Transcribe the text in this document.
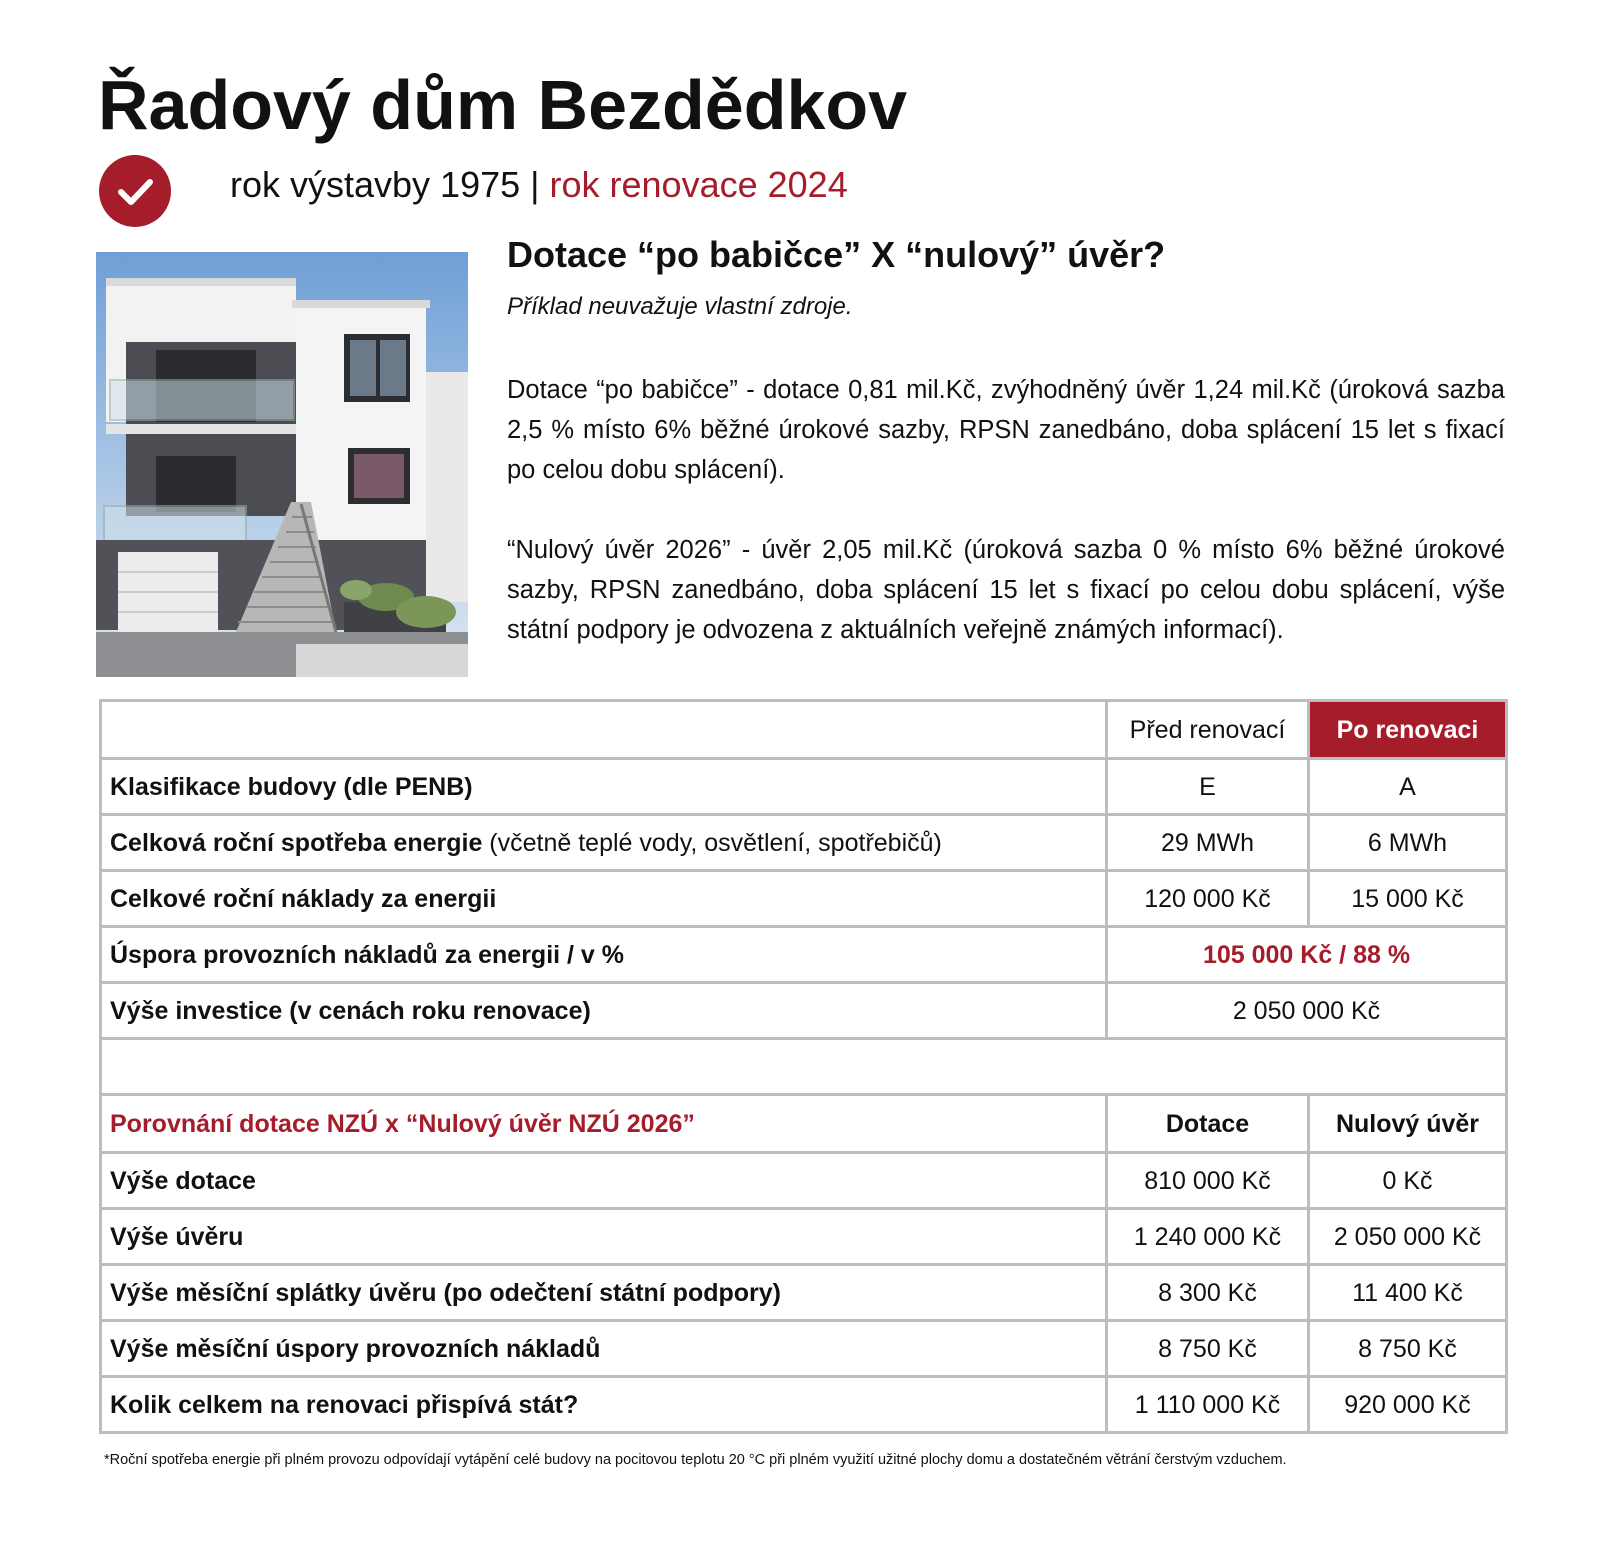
Řadový dům Bezdědkov
rok výstavby 1975 | rok renovace 2024
Dotace “po babičce” X “nulový” úvěr?
Příklad neuvažuje vlastní zdroje.

Dotace “po babičce” - dotace 0,81 mil.Kč, zvýhodněný úvěr 1,24 mil.Kč (úroková sazba 2,5 % místo 6% běžné úrokové sazby, RPSN zanedbáno, doba splácení 15 let s fixací po celou dobu splácení).

“Nulový úvěr 2026” - úvěr 2,05 mil.Kč (úroková sazba 0 % místo 6% běžné úrokové sazby, RPSN zanedbáno, doba splácení 15 let s fixací po celou dobu splácení, výše státní podpory je odvozena z aktuálních veřejně známých informací).

	Před renovací	Po renovaci
Klasifikace budovy (dle PENB)	E	A
Celková roční spotřeba energie (včetně teplé vody, osvětlení, spotřebičů)	29 MWh	6 MWh
Celkové roční náklady za energii	120 000 Kč	15 000 Kč
Úspora provozních nákladů za energii / v %	105 000 Kč / 88 %	
Výše investice (v cenách roku renovace)	2 050 000 Kč	

Porovnání dotace NZÚ x “Nulový úvěr NZÚ 2026”	Dotace	Nulový úvěr
Výše dotace	810 000 Kč	0 Kč
Výše úvěru	1 240 000 Kč	2 050 000 Kč
Výše měsíční splátky úvěru (po odečtení státní podpory)	8 300 Kč	11 400 Kč
Výše měsíční úspory provozních nákladů	8 750 Kč	8 750 Kč
Kolik celkem na renovaci přispívá stát?	1 110 000 Kč	920 000 Kč
*Roční spotřeba energie při plném provozu odpovídají vytápění celé budovy na pocitovou teplotu 20 °C při plném využití užitné plochy domu a dostatečném větrání čerstvým vzduchem.
